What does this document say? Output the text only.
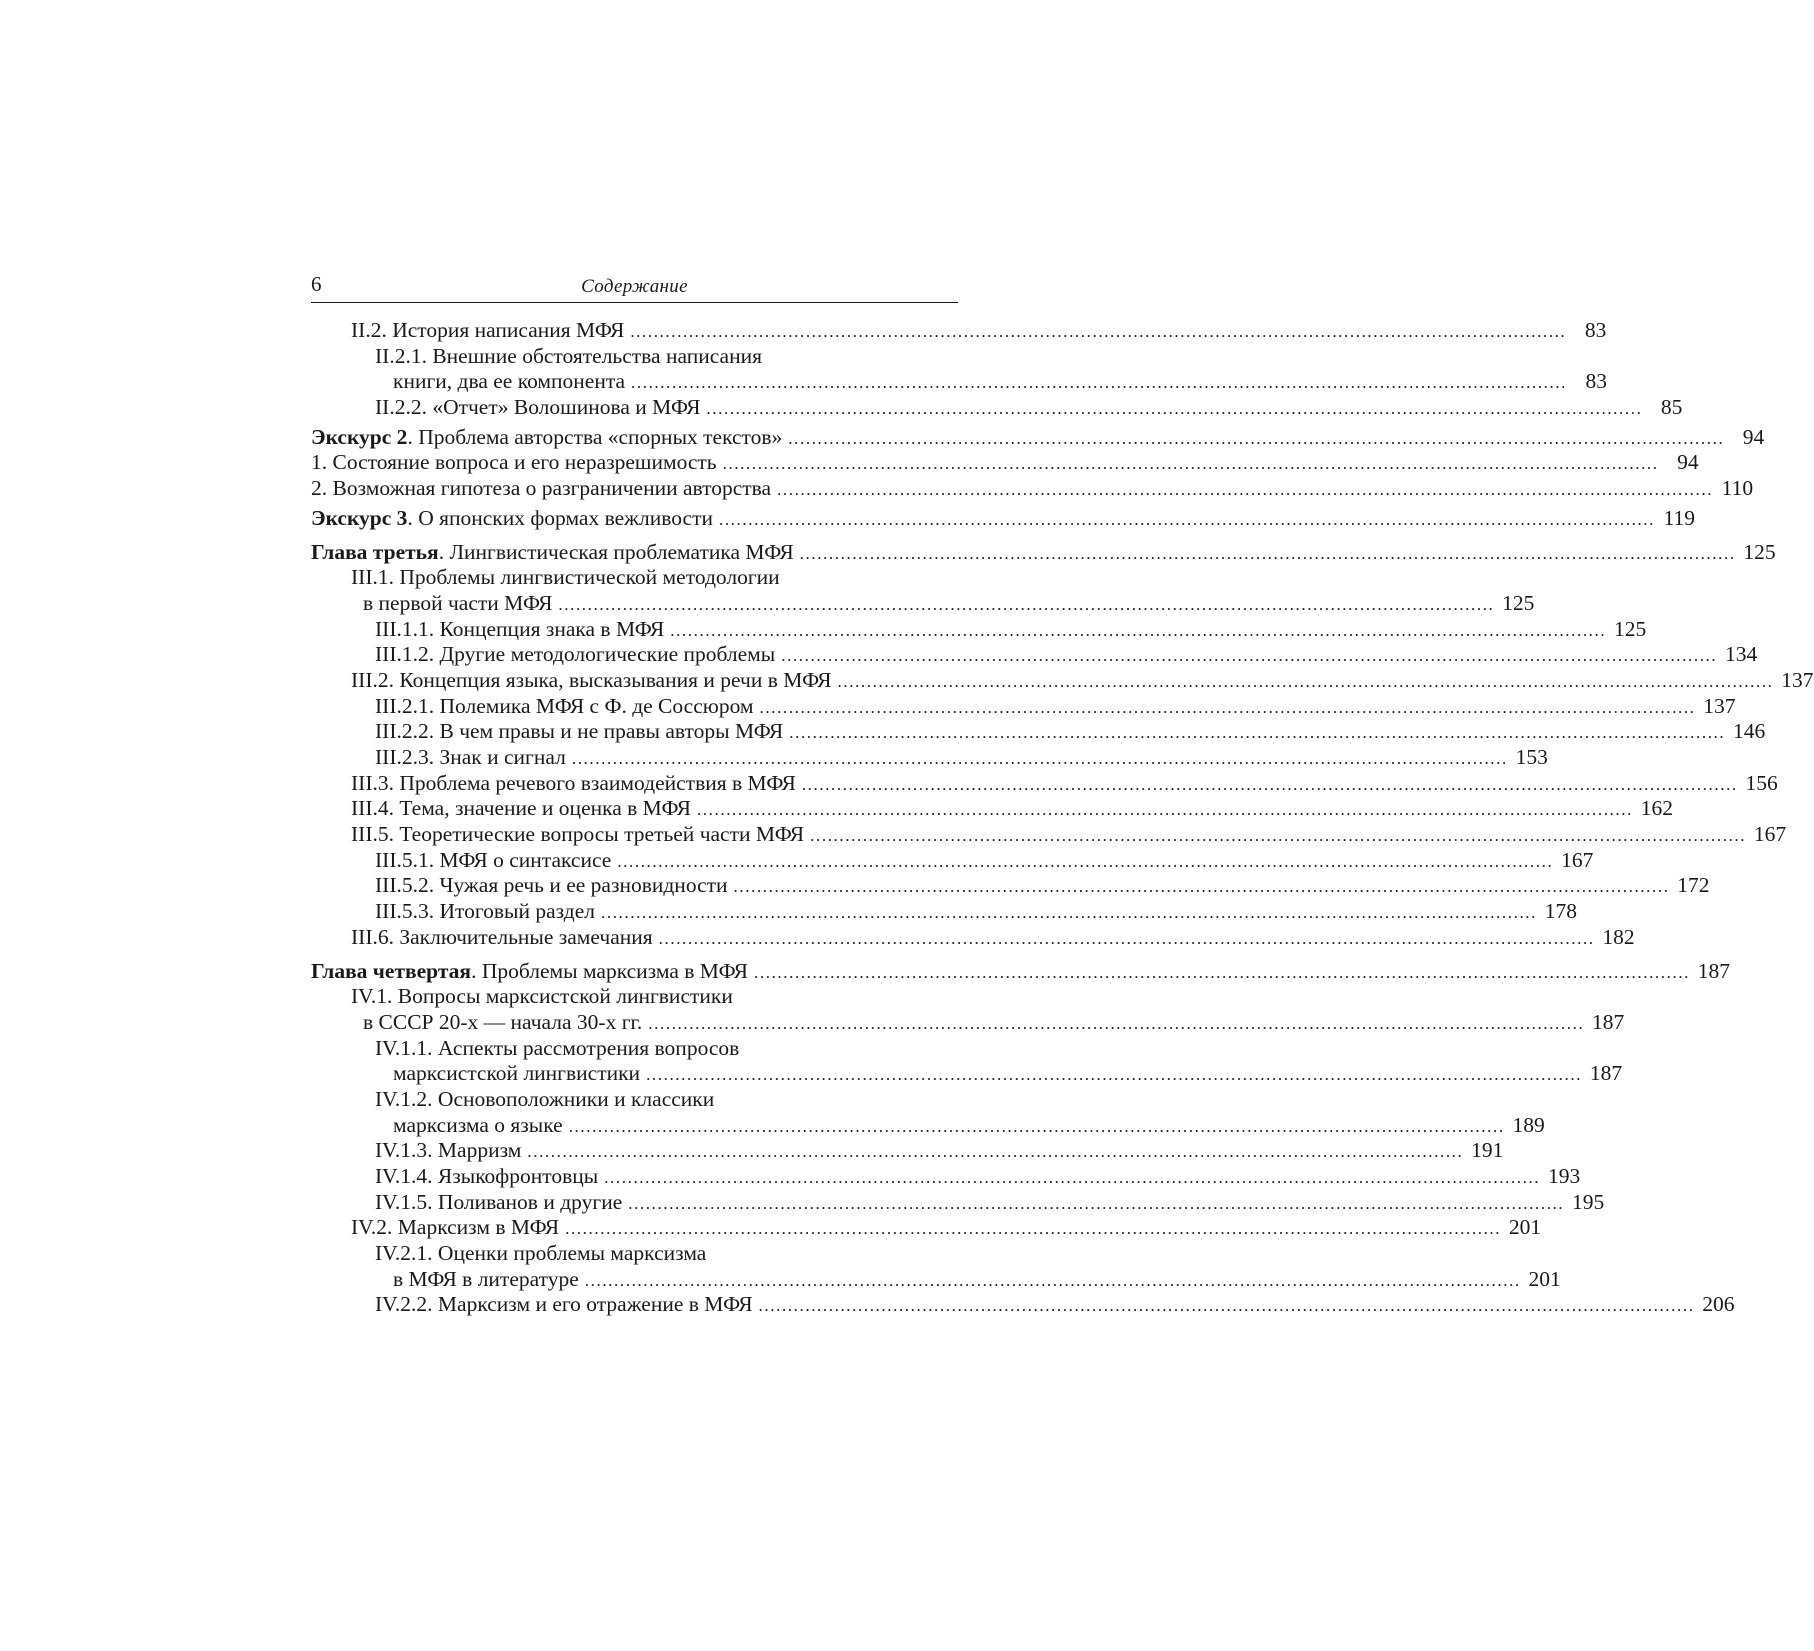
6	Содержание
II.2. История написания МФЯ ................................................................................................................................................................ 83
II.2.1. Внешние обстоятельства написания
книги, два ее компонента ................................................................................................................................................................ 83
II.2.2. «Отчет» Волошинова и МФЯ ................................................................................................................................................................ 85
Экскурс 2. Проблема авторства «спорных текстов» ................................................................................................................................................................ 94
1. Состояние вопроса и его неразрешимость ................................................................................................................................................................ 94
2. Возможная гипотеза о разграничении авторства ................................................................................................................................................................ 110
Экскурс 3. О японских формах вежливости ................................................................................................................................................................ 119
Глава третья. Лингвистическая проблематика МФЯ ................................................................................................................................................................ 125
III.1. Проблемы лингвистической методологии
в первой части МФЯ ................................................................................................................................................................ 125
III.1.1. Концепция знака в МФЯ ................................................................................................................................................................ 125
III.1.2. Другие методологические проблемы ................................................................................................................................................................ 134
III.2. Концепция языка, высказывания и речи в МФЯ ................................................................................................................................................................ 137
III.2.1. Полемика МФЯ с Ф. де Соссюром ................................................................................................................................................................ 137
III.2.2. В чем правы и не правы авторы МФЯ ................................................................................................................................................................ 146
III.2.3. Знак и сигнал ................................................................................................................................................................ 153
III.3. Проблема речевого взаимодействия в МФЯ ................................................................................................................................................................ 156
III.4. Тема, значение и оценка в МФЯ ................................................................................................................................................................ 162
III.5. Теоретические вопросы третьей части МФЯ ................................................................................................................................................................ 167
III.5.1. МФЯ о синтаксисе ................................................................................................................................................................ 167
III.5.2. Чужая речь и ее разновидности ................................................................................................................................................................ 172
III.5.3. Итоговый раздел ................................................................................................................................................................ 178
III.6. Заключительные замечания ................................................................................................................................................................ 182
Глава четвертая. Проблемы марксизма в МФЯ ................................................................................................................................................................ 187
IV.1. Вопросы марксистской лингвистики
в СССР 20-х — начала 30-х гг. ................................................................................................................................................................ 187
IV.1.1. Аспекты рассмотрения вопросов
марксистской лингвистики ................................................................................................................................................................ 187
IV.1.2. Основоположники и классики
марксизма о языке ................................................................................................................................................................ 189
IV.1.3. Марризм ................................................................................................................................................................ 191
IV.1.4. Языкофронтовцы ................................................................................................................................................................ 193
IV.1.5. Поливанов и другие ................................................................................................................................................................ 195
IV.2. Марксизм в МФЯ ................................................................................................................................................................ 201
IV.2.1. Оценки проблемы марксизма
в МФЯ в литературе ................................................................................................................................................................ 201
IV.2.2. Марксизм и его отражение в МФЯ ................................................................................................................................................................ 206
